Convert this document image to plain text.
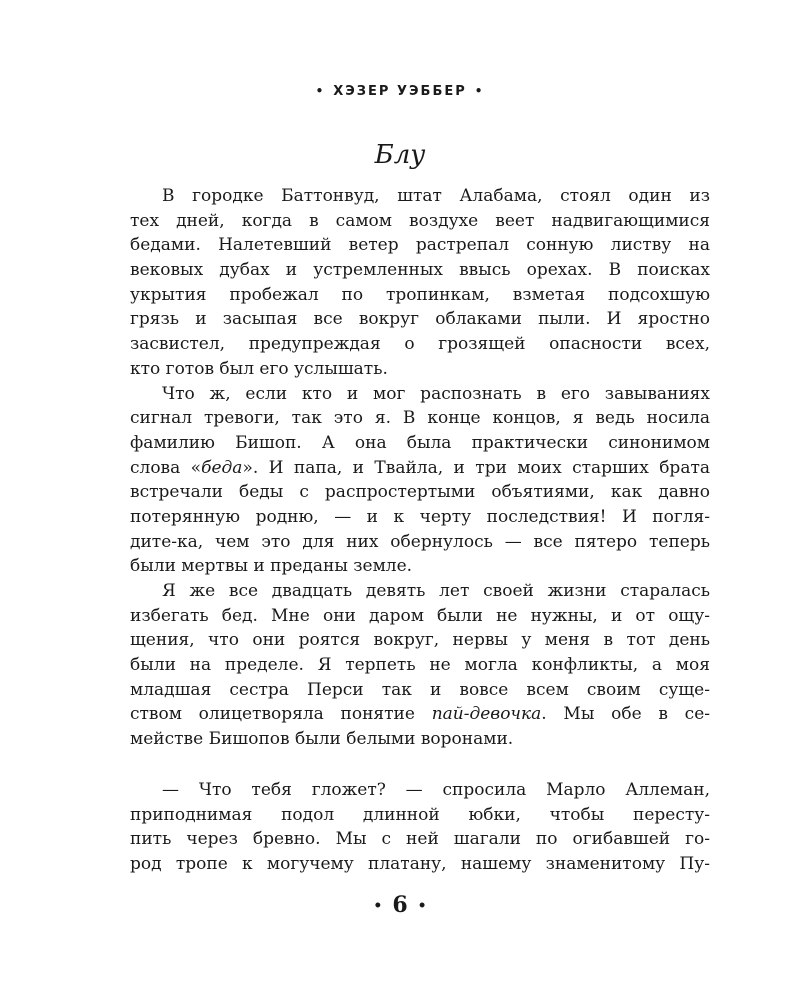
• ХЭЗЕР УЭББЕР •
Блу
В городке Баттонвуд, штат Алабама, стоял один из
тех дней, когда в самом воздухе веет надвигающимися
бедами. Налетевший ветер растрепал сонную листву на
вековых дубах и устремленных ввысь орехах. В поисках
укрытия пробежал по тропинкам, взметая подсохшую
грязь и засыпая все вокруг облаками пыли. И яростно
засвистел, предупреждая о грозящей опасности всех,
кто готов был его услышать.
Что ж, если кто и мог распознать в его завываниях
сигнал тревоги, так это я. В конце концов, я ведь носила
фамилию Бишоп. А она была практически синонимом
слова «беда». И папа, и Твайла, и три моих старших брата
встречали беды с распростертыми объятиями, как давно
потерянную родню, — и к черту последствия! И погля-
дите-ка, чем это для них обернулось — все пятеро теперь
были мертвы и преданы земле.
Я же все двадцать девять лет своей жизни старалась
избегать бед. Мне они даром были не нужны, и от ощу-
щения, что они роятся вокруг, нервы у меня в тот день
были на пределе. Я терпеть не могла конфликты, а моя
младшая сестра Перси так и вовсе всем своим суще-
ством олицетворяла понятие пай-девочка. Мы обе в се-
мействе Бишопов были белыми воронами.
— Что тебя гложет? — спросила Марло Аллеман,
приподнимая подол длинной юбки, чтобы пересту-
пить через бревно. Мы с ней шагали по огибавшей го-
род тропе к могучему платану, нашему знаменитому Пу-
• 6 •
